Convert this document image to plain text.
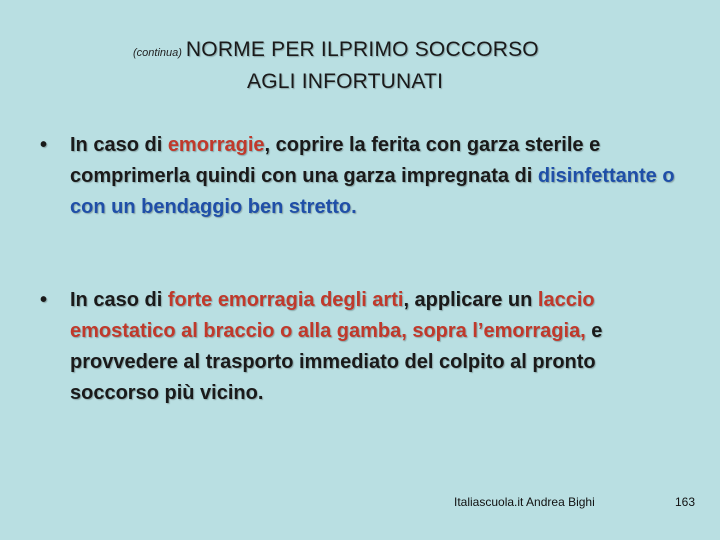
(continua) NORME PER ILPRIMO SOCCORSO
AGLI INFORTUNATI
• In caso di emorragie, coprire la ferita con garza sterile e comprimerla quindi con una garza impregnata di disinfettante o con un bendaggio ben stretto.
• In caso di forte emorragia degli arti, applicare un laccio emostatico al braccio o alla gamba, sopra l’emorragia, e provvedere al trasporto immediato del colpito al pronto soccorso più vicino.
Italiascuola.it Andrea Bighi	163
